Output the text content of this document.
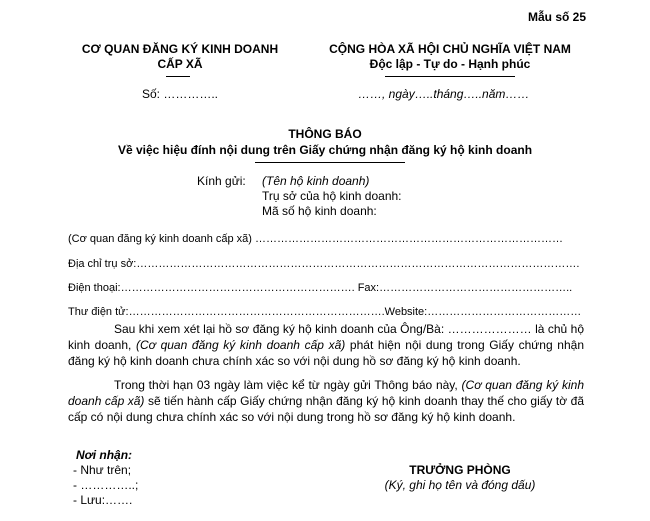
Mẫu số 25
CƠ QUAN ĐĂNG KÝ KINH DOANH
CẤP XÃ
Số: …………..
CỘNG HÒA XÃ HỘI CHỦ NGHĨA VIỆT NAM
Độc lập - Tự do - Hạnh phúc
……, ngày…..tháng…..năm……
THÔNG BÁO
Về việc hiệu đính nội dung trên Giấy chứng nhận đăng ký hộ kinh doanh
Kính gửi: (Tên hộ kinh doanh)
Trụ sở của hộ kinh doanh:
Mã số hộ kinh doanh:
(Cơ quan đăng ký kinh doanh cấp xã) …………………………………………………………………………
Địa chỉ trụ sở:………………………………………………………………………………………………………….
Điện thoại:………………………………………………………. Fax:……………………………………………..
Thư điện tử:…………………………………………………………….Website:……………………………………
Sau khi xem xét lại hồ sơ đăng ký hộ kinh doanh của Ông/Bà: ………………… là chủ hộ kinh doanh, (Cơ quan đăng ký kinh doanh cấp xã) phát hiện nội dung trong Giấy chứng nhận đăng ký hộ kinh doanh chưa chính xác so với nội dung hồ sơ đăng ký hộ kinh doanh.
Trong thời hạn 03 ngày làm việc kể từ ngày gửi Thông báo này, (Cơ quan đăng ký kinh doanh cấp xã) sẽ tiến hành cấp Giấy chứng nhận đăng ký hộ kinh doanh thay thế cho giấy tờ đã cấp có nội dung chưa chính xác so với nội dung trong hồ sơ đăng ký hộ kinh doanh.
Nơi nhận:
- Như trên;
- …………..;
- Lưu:…….
TRƯỞNG PHÒNG
(Ký, ghi họ tên và đóng dấu)
